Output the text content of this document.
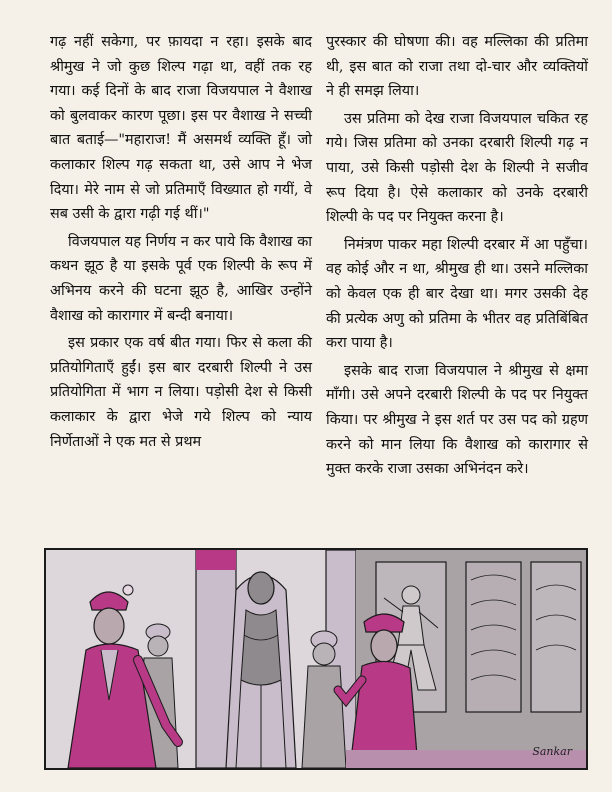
गढ़ नहीं सकेगा, पर फ़ायदा न रहा। इसके बाद श्रीमुख ने जो कुछ शिल्प गढ़ा था, वहीं तक रह गया। कई दिनों के बाद राजा विजयपाल ने वैशाख को बुलवाकर कारण पूछा। इस पर वैशाख ने सच्ची बात बताई—"महाराज! मैं असमर्थ व्यक्ति हूँ। जो कलाकार शिल्प गढ़ सकता था, उसे आप ने भेज दिया। मेरे नाम से जो प्रतिमाएँ विख्यात हो गयीं, वे सब उसी के द्वारा गढ़ी गई थीं।"

विजयपाल यह निर्णय न कर पाये कि वैशाख का कथन झूठ है या इसके पूर्व एक शिल्पी के रूप में अभिनय करने की घटना झूठ है, आखिर उन्होंने वैशाख को कारागार में बन्दी बनाया।

इस प्रकार एक वर्ष बीत गया। फिर से कला की प्रतियोगिताएँ हुईं। इस बार दरबारी शिल्पी ने उस प्रतियोगिता में भाग न लिया। पड़ोसी देश से किसी कलाकार के द्वारा भेजे गये शिल्प को न्याय निर्णेताओं ने एक मत से प्रथम

पुरस्कार की घोषणा की। वह मल्लिका की प्रतिमा थी, इस बात को राजा तथा दो-चार और व्यक्तियों ने ही समझ लिया।

उस प्रतिमा को देख राजा विजयपाल चकित रह गये। जिस प्रतिमा को उनका दरबारी शिल्पी गढ़ न पाया, उसे किसी पड़ोसी देश के शिल्पी ने सजीव रूप दिया है। ऐसे कलाकार को उनके दरबारी शिल्पी के पद पर नियुक्त करना है।

निमंत्रण पाकर महा शिल्पी दरबार में आ पहुँचा। वह कोई और न था, श्रीमुख ही था। उसने मल्लिका को केवल एक ही बार देखा था। मगर उसकी देह की प्रत्येक अणु को प्रतिमा के भीतर वह प्रतिबिंबित करा पाया है।

इसके बाद राजा विजयपाल ने श्रीमुख से क्षमा माँगी। उसे अपने दरबारी शिल्पी के पद पर नियुक्त किया। पर श्रीमुख ने इस शर्त पर उस पद को ग्रहण करने को मान लिया कि वैशाख को कारागार से मुक्त करके राजा उसका अभिनंदन करे।

Sankar
